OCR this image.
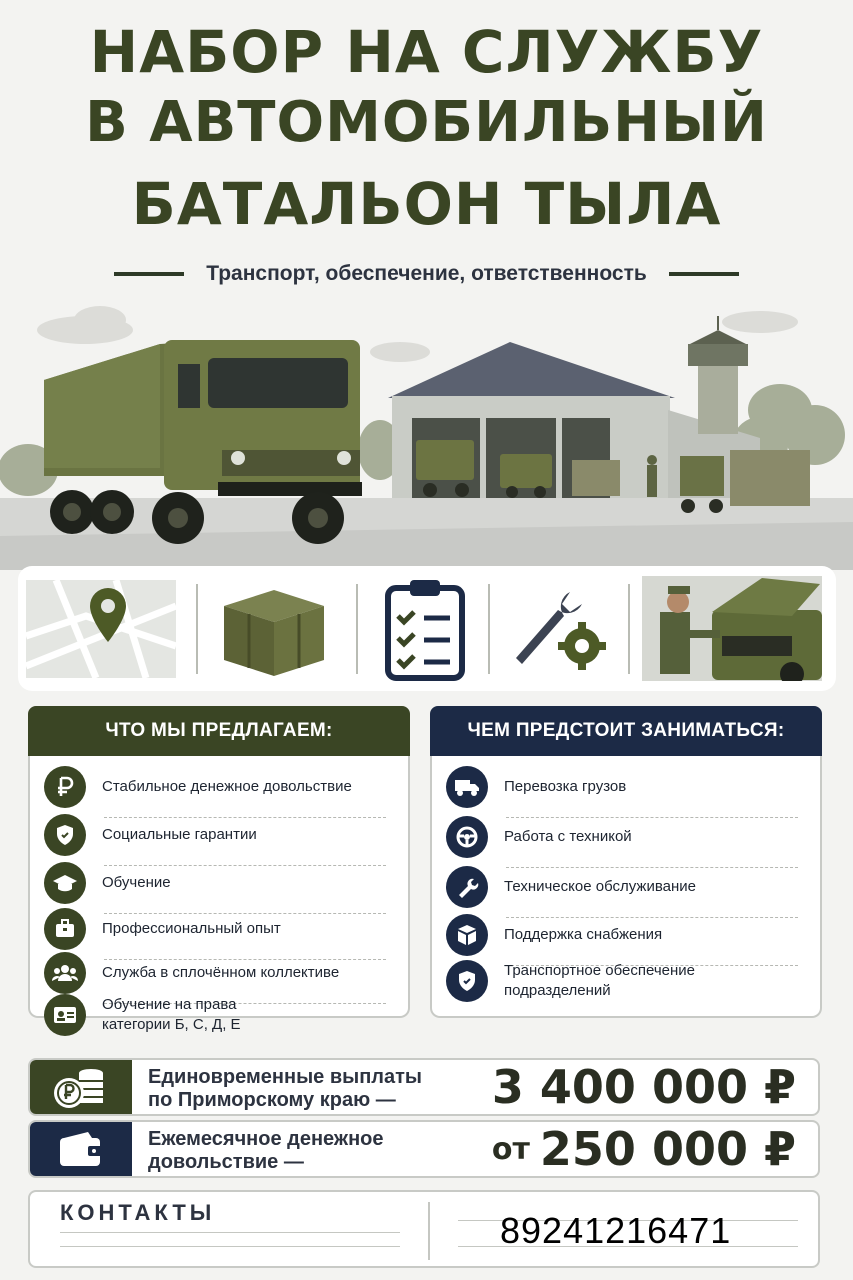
НАБОР НА СЛУЖБУ
В АВТОМОБИЛЬНЫЙ
БАТАЛЬОН ТЫЛА
Транспорт, обеспечение, ответственность
ЧТО МЫ ПРЕДЛАГАЕМ:
Стабильное денежное довольствие
Социальные гарантии
Обучение
Профессиональный опыт
Служба в сплочённом коллективе
Обучение на права
категории Б, С, Д, Е
ЧЕМ ПРЕДСТОИТ ЗАНИМАТЬСЯ:
Перевозка грузов
Работа с техникой
Техническое обслуживание
Поддержка снабжения
Транспортное обеспечение подразделений
Единовременные выплаты
по Приморскому краю —	3 400 000 ₽
Ежемесячное денежное
довольствие —	от 250 000 ₽
КОНТАКТЫ	89241216471
